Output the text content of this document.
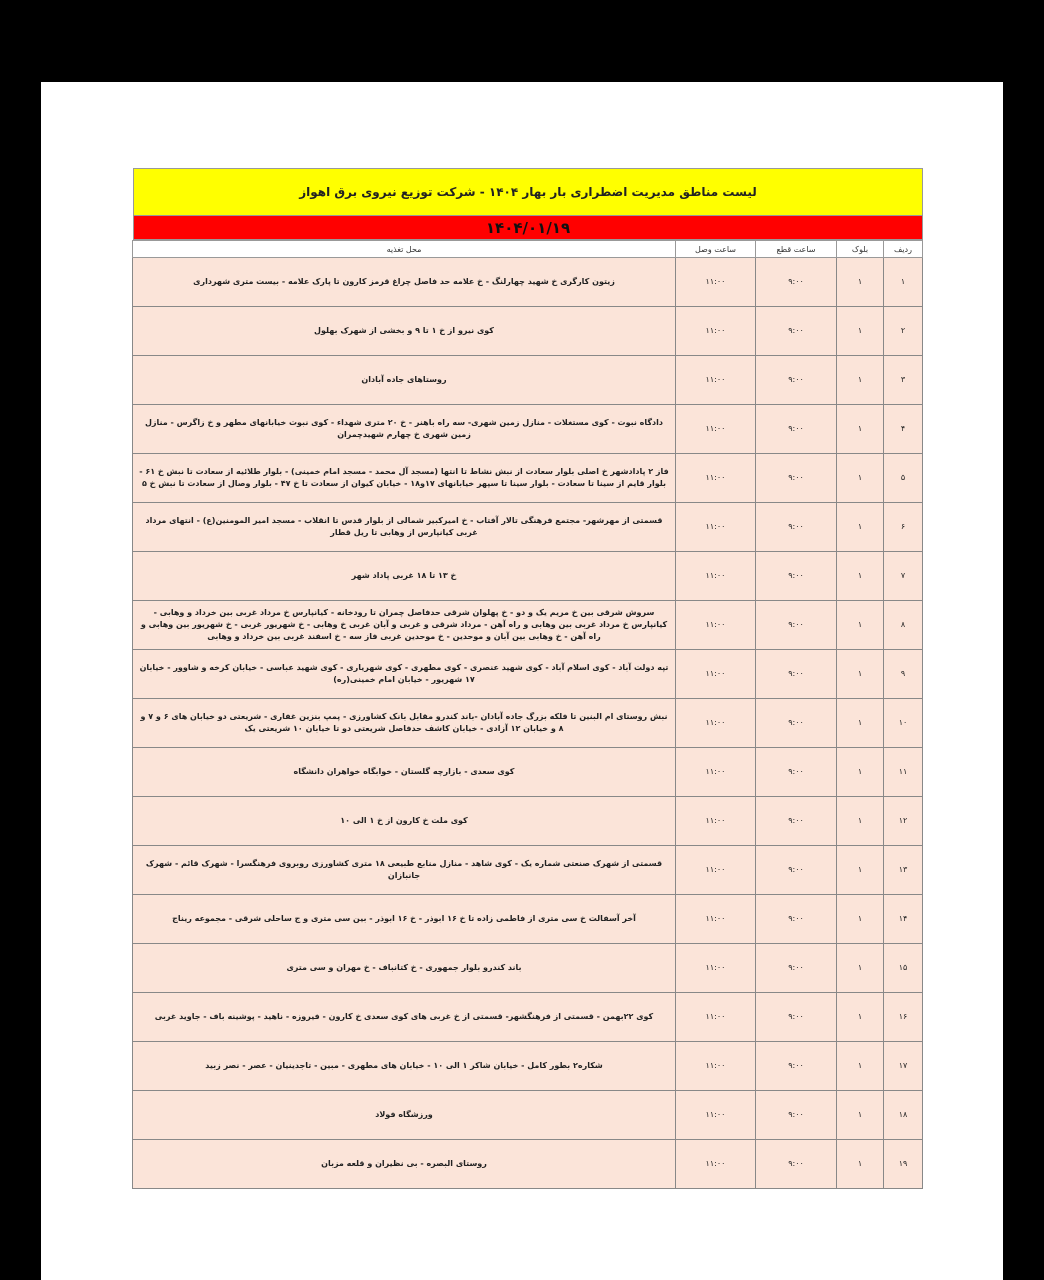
لیست مناطق مدیریت اضطراری بار بهار ۱۴۰۴ - شرکت توزیع نیروی برق اهواز
۱۴۰۴/۰۱/۱۹
ردیف	بلوک	ساعت قطع	ساعت وصل	محل تغذیه
۱	۱	۹:۰۰	۱۱:۰۰	زیتون کارگری خ شهید چهارلنگ - خ علامه حد فاصل چراغ قرمز کارون تا پارک علامه - بیست متری شهرداری
۲	۱	۹:۰۰	۱۱:۰۰	کوی نیرو از خ ۱ تا ۹ و بخشی از شهرک بهلول
۳	۱	۹:۰۰	۱۱:۰۰	روستاهای جاده آبادان
۴	۱	۹:۰۰	۱۱:۰۰	دادگاه نبوت - کوی مستغلات - منازل زمین شهری- سه راه باهنر - خ ۲۰ متری شهداء - کوی نبوت خیابانهای مطهر و خ زاگرس - منازل زمین شهری خ چهارم شهیدچمران
۵	۱	۹:۰۰	۱۱:۰۰	فاز ۲ پادادشهر خ اصلی بلوار سعادت از نبش نشاط تا انتها (مسجد آل محمد - مسجد امام خمینی) - بلوار طلائیه از سعادت تا نبش خ ۶۱ - بلوار قایم از سینا تا سعادت - بلوار سینا تا سپهر خیابانهای ۱۷و۱۸ - خیابان کیوان از سعادت تا خ ۴۷ - بلوار وصال از سعادت تا نبش خ ۵
۶	۱	۹:۰۰	۱۱:۰۰	قسمتی از مهرشهر- مجتمع فرهنگی تالار آفتاب - خ امیرکبیر شمالی از بلوار قدس تا انقلاب - مسجد امیر المومنین(ع) - انتهای مرداد غربی کیانپارس از وهابی تا ریل قطار
۷	۱	۹:۰۰	۱۱:۰۰	خ ۱۳ تا ۱۸ غربی پاداد شهر
۸	۱	۹:۰۰	۱۱:۰۰	سروش شرقی بین خ مریم یک و دو - خ پهلوان شرقی حدفاصل چمران تا رودخانه - کیانپارس خ مرداد غربی بین خرداد و وهابی - کیانپارس خ مرداد غربی بین وهابی و راه آهن - مرداد شرقی و غربی و آبان غربی خ وهابی - خ شهریور غربی - خ شهریور بین وهابی و راه آهن - خ وهابی بین آبان و موحدین - خ موحدین غربی فاز سه - خ اسفند غربی بین خرداد و وهابی
۹	۱	۹:۰۰	۱۱:۰۰	تپه دولت آباد - کوی اسلام آباد - کوی شهید عنصری - کوی مطهری - کوی شهریاری - کوی شهید عباسی - خیابان کرخه و شاوور - خیابان ۱۷ شهریور - خیابان امام خمینی(ره)
۱۰	۱	۹:۰۰	۱۱:۰۰	نبش روستای ام البنین تا فلکه بزرگ جاده آبادان -باند کندرو مقابل بانک کشاورزی - پمپ بنزین غفاری - شریعتی دو خیابان های ۶ و ۷ و ۸ و خیابان ۱۲ آزادی - خیابان کاشف حدفاصل شریعتی دو تا خیابان ۱۰ شریعتی یک
۱۱	۱	۹:۰۰	۱۱:۰۰	کوی سعدی - بازارچه گلستان - خوابگاه خواهران دانشگاه
۱۲	۱	۹:۰۰	۱۱:۰۰	کوی ملت خ کارون از خ ۱ الی ۱۰
۱۳	۱	۹:۰۰	۱۱:۰۰	قسمتی از شهرک صنعتی شماره یک - کوی شاهد - منازل منابع طبیعی ۱۸ متری کشاورزی روبروی فرهنگسرا - شهرک قائم - شهرک جانبازان
۱۴	۱	۹:۰۰	۱۱:۰۰	آخر آسفالت خ سی متری از فاطمی زاده تا خ ۱۶ ابوذر - خ ۱۶ ابوذر - بین سی متری و ج ساحلی شرقی - مجموعه ریناج
۱۵	۱	۹:۰۰	۱۱:۰۰	باند کندرو بلوار جمهوری - خ کتانباف - خ مهران و سی متری
۱۶	۱	۹:۰۰	۱۱:۰۰	کوی ۲۲بهمن - قسمتی از فرهنگشهر- قسمتی از خ غربی های کوی سعدی خ کارون - فیروزه - ناهید - پوشینه باف - جاوید غربی
۱۷	۱	۹:۰۰	۱۱:۰۰	شکاره۲ بطور کامل - خیابان شاکر ۱ الی ۱۰ - خیابان های مطهری - مبین - تاجدینیان - عصر - نصر زبید
۱۸	۱	۹:۰۰	۱۱:۰۰	ورزشگاه فولاد
۱۹	۱	۹:۰۰	۱۱:۰۰	روستای البصره - بی نظیران و قلعه مزبان
